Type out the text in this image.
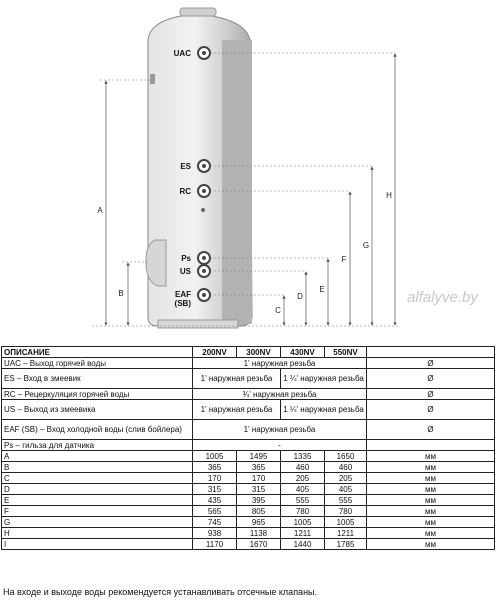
UAC
ES
RC
Ps
US
EAF
(SB)
A
B
C
D
E
F
G
H
alfalyve.by
ОПИСАНИЕ	200NV	300NV	430NV	550NV	
UAC – Выход горячей воды	1' наружная резьба				Ø
ES – Вход в змеевик	1' наружная резьба		1 ¼' наружная резьба		Ø
RC – Рецеркуляция горячей воды	¾' наружная резьба				Ø
US – Выход из змеевика	1' наружная резьба		1 ¼' наружная резьба		Ø
EAF (SB) – Вход холодной воды (слив бойлера)	1' наружная резьба				Ø
Ps – гильза для датчика	-				
A	1005	1495	1335	1650	мм
B	365	365	460	460	мм
C	170	170	205	205	мм
D	315	315	405	405	мм
E	435	395	555	555	мм
F	565	805	780	780	мм
G	745	965	1005	1005	мм
H	938	1138	1211	1211	мм
I	1170	1670	1440	1785	мм
На входе и выходе воды рекомендуется устанавливать отсечные клапаны.
